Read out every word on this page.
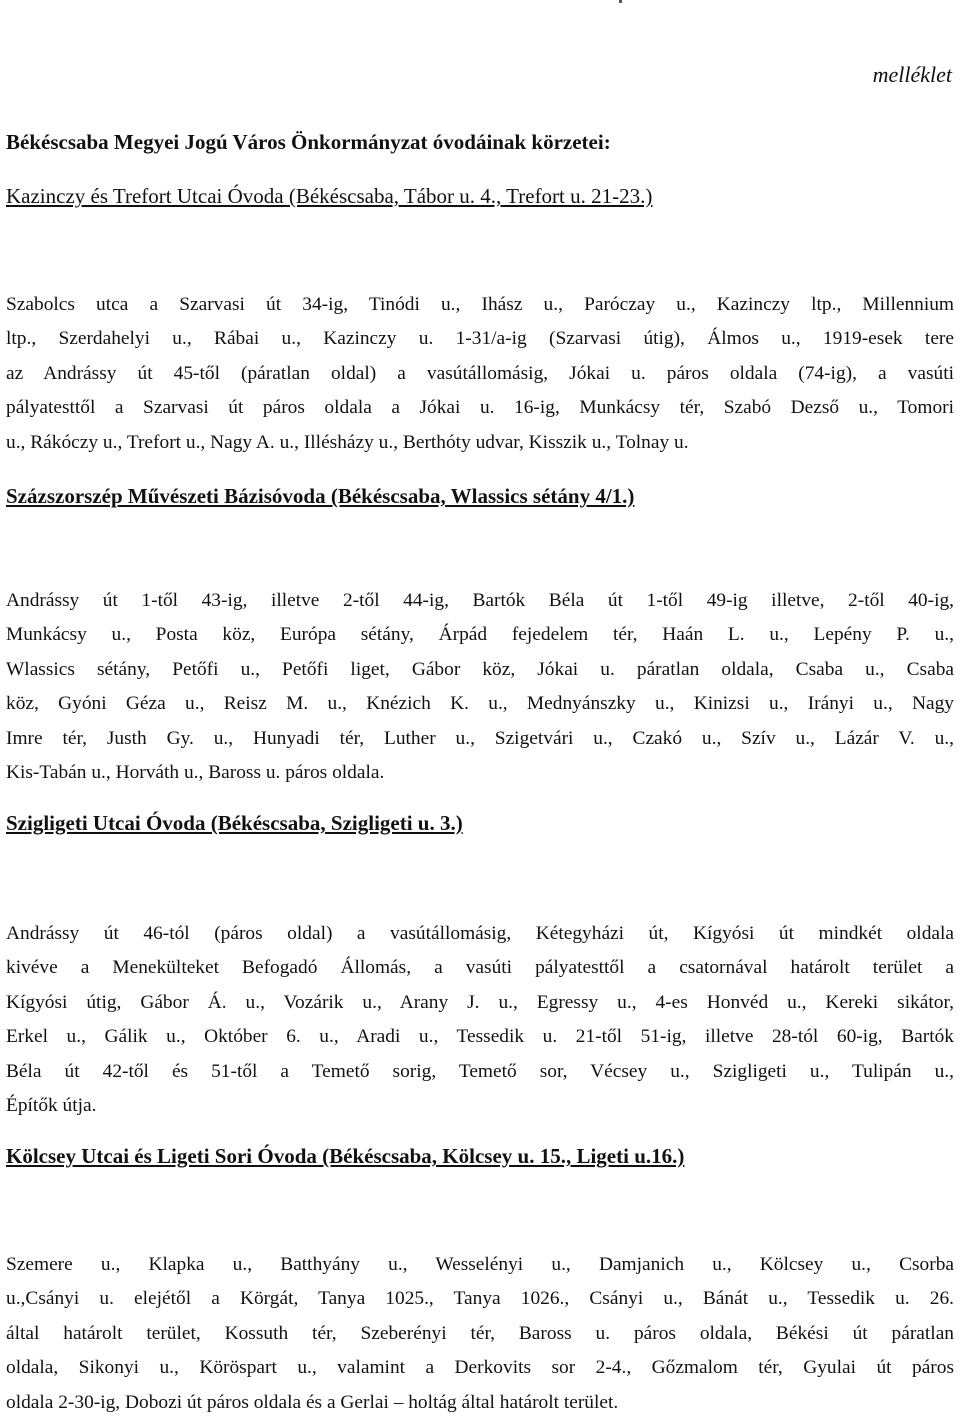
melléklet
Békéscsaba Megyei Jogú Város Önkormányzat óvodáinak körzetei:
Kazinczy és Trefort Utcai Óvoda (Békéscsaba, Tábor u. 4., Trefort u. 21-23.)
Szabolcs utca a Szarvasi út 34-ig, Tinódi u., Ihász u., Paróczay u., Kazinczy ltp., Millennium
ltp., Szerdahelyi u., Rábai u., Kazinczy u. 1-31/a-ig (Szarvasi útig), Álmos u., 1919-esek tere
az Andrássy út 45-től (páratlan oldal) a vasútállomásig, Jókai u. páros oldala (74-ig), a vasúti
pályatesttől a Szarvasi út páros oldala a Jókai u. 16-ig, Munkácsy tér, Szabó Dezső u., Tomori
u., Rákóczy u., Trefort u., Nagy A. u., Illésházy u., Berthóty udvar, Kisszik u., Tolnay u.
Százszorszép Művészeti Bázisóvoda (Békéscsaba, Wlassics sétány 4/1.)
Andrássy út 1-től 43-ig, illetve 2-től 44-ig, Bartók Béla út 1-től 49-ig illetve, 2-től 40-ig,
Munkácsy u., Posta köz, Európa sétány, Árpád fejedelem tér, Haán L. u., Lepény P. u.,
Wlassics sétány, Petőfi u., Petőfi liget, Gábor köz, Jókai u. páratlan oldala, Csaba u., Csaba
köz, Gyóni Géza u., Reisz M. u., Knézich K. u., Mednyánszky u., Kinizsi u., Irányi u., Nagy
Imre tér, Justh Gy. u., Hunyadi tér, Luther u., Szigetvári u., Czakó u., Szív u., Lázár V. u.,
Kis-Tabán u., Horváth u., Baross u. páros oldala.
Szigligeti Utcai Óvoda (Békéscsaba, Szigligeti u. 3.)
Andrássy út 46-tól (páros oldal) a vasútállomásig, Kétegyházi út, Kígyósi út mindkét oldala
kivéve a Menekülteket Befogadó Állomás, a vasúti pályatesttől a csatornával határolt terület a
Kígyósi útig, Gábor Á. u., Vozárik u., Arany J. u., Egressy u., 4-es Honvéd u., Kereki sikátor,
Erkel u., Gálik u., Október 6. u., Aradi u., Tessedik u. 21-től 51-ig, illetve 28-tól 60-ig, Bartók
Béla út 42-től és 51-től a Temető sorig, Temető sor, Vécsey u., Szigligeti u., Tulipán u.,
Építők útja.
Kölcsey Utcai és Ligeti Sori Óvoda (Békéscsaba, Kölcsey u. 15., Ligeti u.16.)
Szemere u., Klapka u., Batthyány u., Wesselényi u., Damjanich u., Kölcsey u., Csorba
u.,Csányi u. elejétől a Körgát, Tanya 1025., Tanya 1026., Csányi u., Bánát u., Tessedik u. 26.
által határolt terület, Kossuth tér, Szeberényi tér, Baross u. páros oldala, Békési út páratlan
oldala, Sikonyi u., Köröspart u., valamint a Derkovits sor 2-4., Gőzmalom tér, Gyulai út páros
oldala 2-30-ig, Dobozi út páros oldala és a Gerlai – holtág által határolt terület.
